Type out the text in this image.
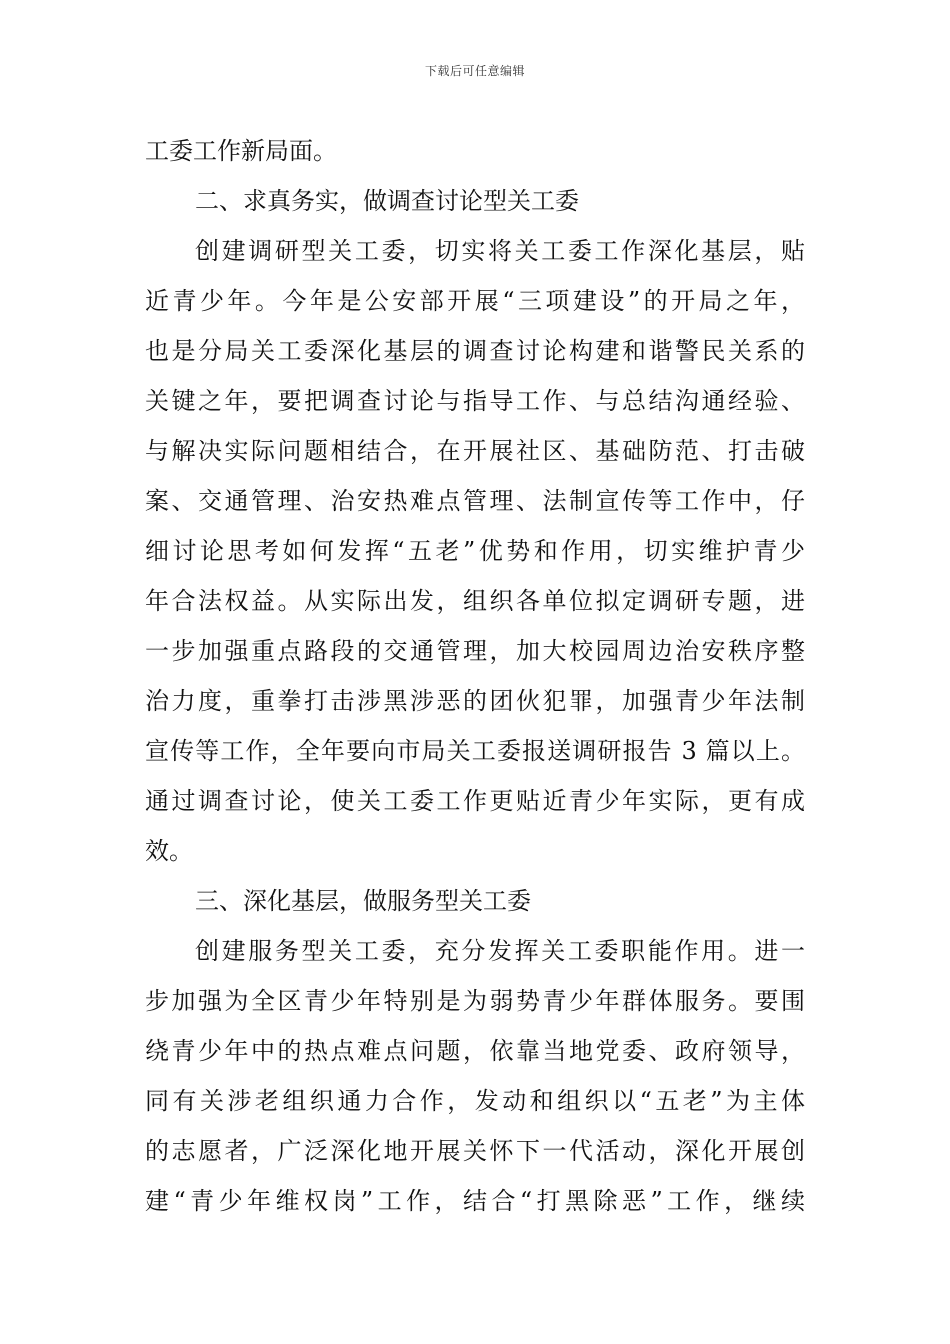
下载后可任意编辑
工委工作新局面。
二、求真务实，做调查讨论型关工委
创建调研型关工委，切实将关工委工作深化基层，贴
近青少年。今年是公安部开展“三项建设”的开局之年，
也是分局关工委深化基层的调查讨论构建和谐警民关系的
关键之年，要把调查讨论与指导工作、与总结沟通经验、
与解决实际问题相结合，在开展社区、基础防范、打击破
案、交通管理、治安热难点管理、法制宣传等工作中，仔
细讨论思考如何发挥“五老”优势和作用，切实维护青少
年合法权益。从实际出发，组织各单位拟定调研专题，进
一步加强重点路段的交通管理，加大校园周边治安秩序整
治力度，重拳打击涉黑涉恶的团伙犯罪，加强青少年法制
宣传等工作，全年要向市局关工委报送调研报告 3 篇以上。
通过调查讨论，使关工委工作更贴近青少年实际，更有成
效。
三、深化基层，做服务型关工委
创建服务型关工委，充分发挥关工委职能作用。进一
步加强为全区青少年特别是为弱势青少年群体服务。要围
绕青少年中的热点难点问题，依靠当地党委、政府领导，
同有关涉老组织通力合作，发动和组织以“五老”为主体
的志愿者，广泛深化地开展关怀下一代活动，深化开展创
建“青少年维权岗”工作，结合“打黑除恶”工作，继续
